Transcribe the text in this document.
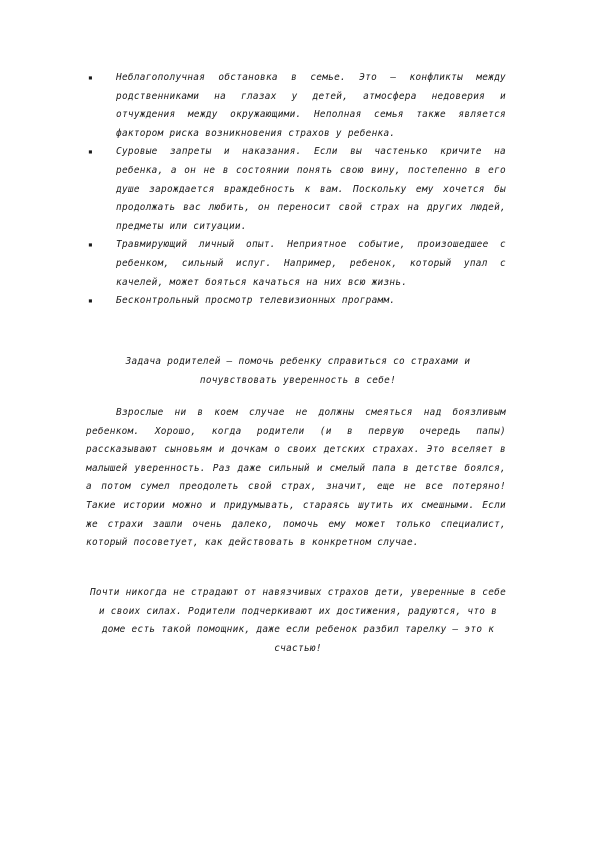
▪ Неблагополучная обстановка в семье. Это – конфликты между родственниками на глазах у детей, атмосфера недоверия и отчуждения между окружающими. Неполная семья также является фактором риска возникновения страхов у ребенка.
▪ Суровые запреты и наказания. Если вы частенько кричите на ребенка, а он не в состоянии понять свою вину, постепенно в его душе зарождается враждебность к вам. Поскольку ему хочется бы продолжать вас любить, он переносит свой страх на других людей, предметы или ситуации.
▪ Травмирующий личный опыт. Неприятное событие, произошедшее с ребенком, сильный испуг. Например, ребенок, который упал с качелей, может бояться качаться на них всю жизнь.
▪ Бесконтрольный просмотр телевизионных программ.
Задача родителей – помочь ребенку справиться со страхами и почувствовать уверенность в себе!
Взрослые ни в коем случае не должны смеяться над боязливым ребенком. Хорошо, когда родители (и в первую очередь папы) рассказывают сыновьям и дочкам о своих детских страхах. Это вселяет в малышей уверенность. Раз даже сильный и смелый папа в детстве боялся, а потом сумел преодолеть свой страх, значит, еще не все потеряно! Такие истории можно и придумывать, стараясь шутить их смешными. Если же страхи зашли очень далеко, помочь ему может только специалист, который посоветует, как действовать в конкретном случае.
Почти никогда не страдают от навязчивых страхов дети, уверенные в себе и своих силах. Родители подчеркивают их достижения, радуются, что в доме есть такой помощник, даже если ребенок разбил тарелку – это к счастью!
